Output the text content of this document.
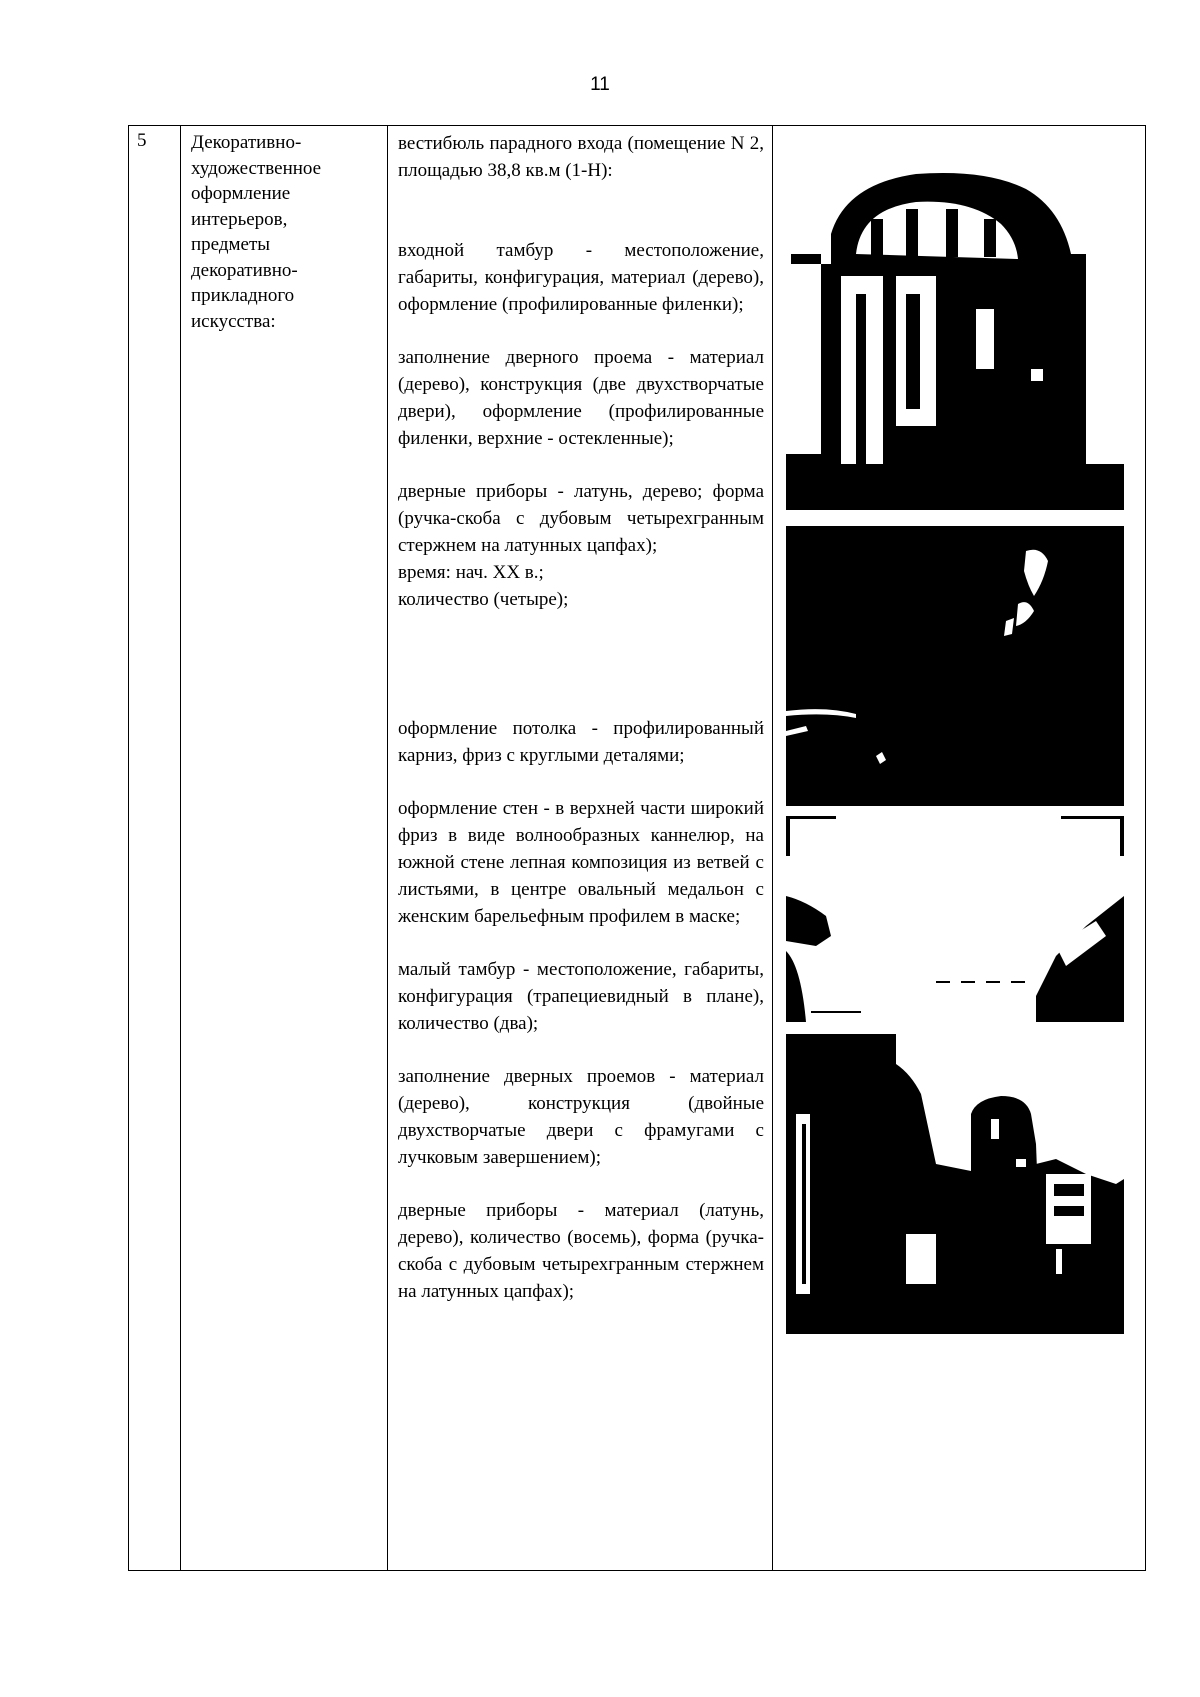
11
5 Декоративно-художественное оформление интерьеров, предметы декоративно-прикладного искусства:

вестибюль парадного входа (помещение N 2, площадью 38,8 кв.м (1-Н):

входной тамбур - местоположение, габариты, конфигурация, материал (дерево), оформление (профилированные филенки);

заполнение дверного проема - материал (дерево), конструкция (две двухстворчатые двери), оформление (профилированные филенки, верхние - остекленные);

дверные приборы - латунь, дерево; форма (ручка-скоба с дубовым четырехгранным стержнем на латунных цапфах);

время: нач. XX в.;

количество (четыре);

оформление потолка - профилированный карниз, фриз с круглыми деталями;

оформление стен - в верхней части широкий фриз в виде волнообразных каннелюр, на южной стене лепная композиция из ветвей с листьями, в центре овальный медальон с женским барельефным профилем в маске;

малый тамбур - местоположение, габариты, конфигурация (трапециевидный в плане), количество (два);

заполнение дверных проемов - материал (дерево), конструкция (двойные двухстворчатые двери с фрамугами с лучковым завершением);

дверные приборы - материал (латунь, дерево), количество (восемь), форма (ручка-скоба с дубовым четырехгранным стержнем на латунных цапфах);
